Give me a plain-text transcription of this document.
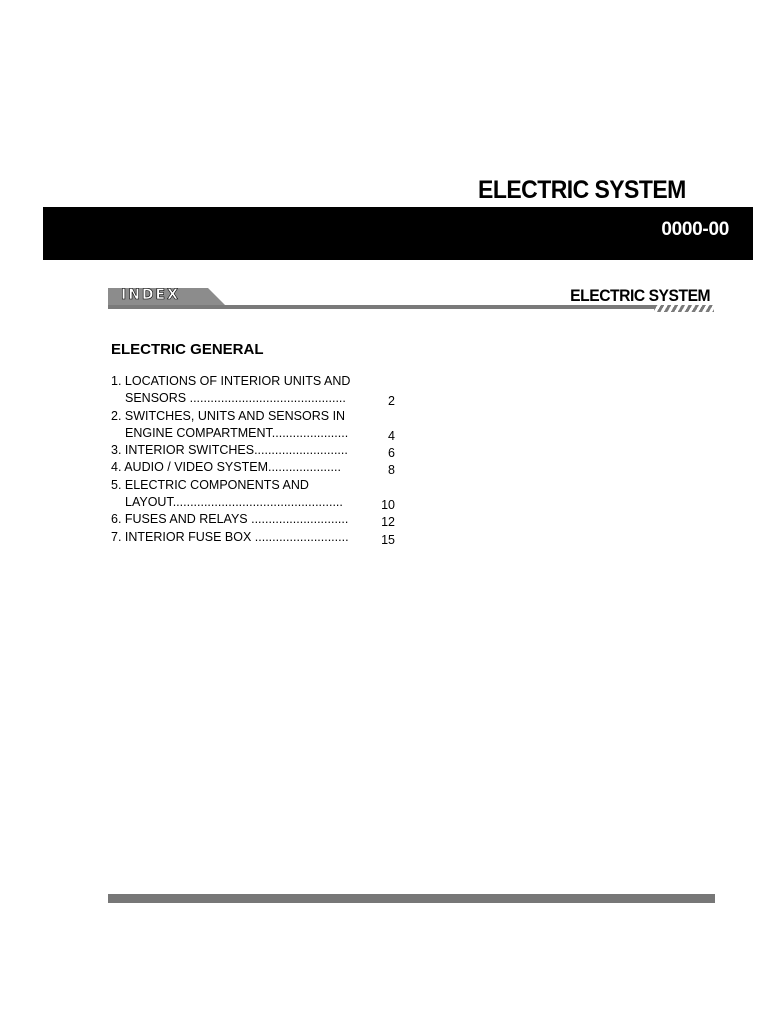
ELECTRIC SYSTEM
0000-00
INDEX	ELECTRIC SYSTEM
ELECTRIC GENERAL
1. LOCATIONS OF INTERIOR UNITS AND SENSORS .............................................	2
2. SWITCHES, UNITS AND SENSORS IN ENGINE COMPARTMENT......................	4
3. INTERIOR SWITCHES...........................	6
4. AUDIO / VIDEO SYSTEM.....................	8
5. ELECTRIC COMPONENTS AND LAYOUT.................................................	10
6. FUSES AND RELAYS ............................	12
7. INTERIOR FUSE BOX ...........................	15
